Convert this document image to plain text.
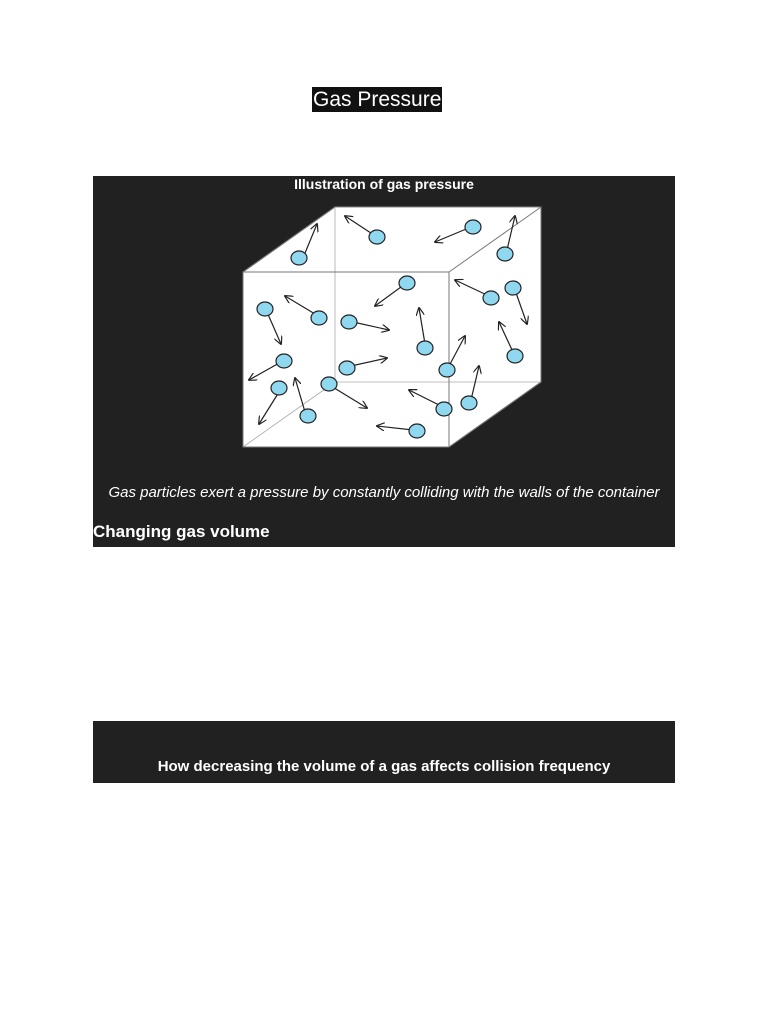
Gas Pressure
Illustration of gas pressure
Gas particles exert a pressure by constantly colliding with the walls of the container
Changing gas volume
How decreasing the volume of a gas affects collision frequency
